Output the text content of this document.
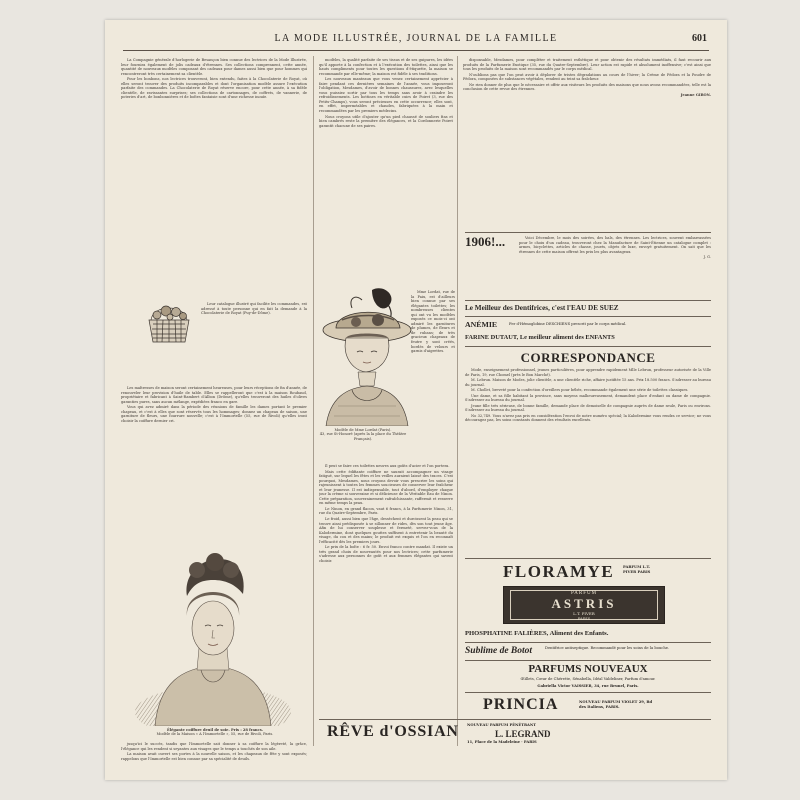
LA MODE ILLUSTRÉE, JOURNAL DE LA FAMILLE	601

La Compagnie générale d'horlogerie de Besançon bien connue des lectrices de la Mode Illustrée, leur fournira également de jolis cadeaux d'étrennes. Ses collections comprennent, cette année, quantité de nouveaux modèles composant des cadeaux pour dames aussi bien que pour hommes qui rencontreront très certainement sa clientèle.

Pour les bonbons, nos lectrices trouveront, bien entendu, faites à la Chocolaterie de Royat, où elles seront trouver des produits incomparables et dont l'organisation modèle assure l'exécution parfaite des commandes. La Chocolaterie de Royat réserve encore, pour cette année, à sa fidèle clientèle, de ravissantes surprises; ses collections de cartonnages, de coffrets, de vannerie, de poteries d'art, de bonbonnières et de boîtes fantaisie sont d'une richesse inouïe.

Leur catalogue illustré qui facilite les commandes, est adressé à toute personne qui en fait la demande à la Chocolaterie de Royat (Puy-de-Dôme).

Les maîtresses de maison seront certainement heureuses, pour leurs réceptions de fin d'année, de renouveler leur provision d'huile de table. Elles se rappelleront que c'est à la maison Roubaud, propriétaire et fabricant à Saint-Rambert d'Albon (Drôme), qu'elles trouveront des huiles d'olives garanties pures, sans aucun mélange, expédiées franco en gare.

Vous qui avez admiré dans la période des réunions de famille les dames portant le premier chapeau, et c'est à elles que sont réservés tous les hommages; donnez un chapeau de saison, une garniture de fleurs, une fourrure nouvelle; c'est à l'Immortelle (55, rue de Rivoli) qu'elles iront choisir la coiffure dernier cri.

Élégante coiffure deuil de soie. Prix : 28 francs.
Modèle de la Maison « A l'Immortelle », 55, rue de Rivoli, Paris.

jusqu'ici le succès, tandis que l'Immortelle sait donner à sa coiffure la légèreté, la grâce, l'élégance qui les rendent si seyantes aux visages que le temps a touchés de son aile.

La maison avait ouvert ses portes à la nouvelle saison, et les chapeaux de fête y sont exposés; rappelons que l'Immortelle est bien connue par sa spécialité de deuils.

modèles, la qualité parfaite de ses tissus et de ses guipures, les idées qu'il apporte à la confection et à l'exécution des toilettes, ainsi que les hauts compliments pour toutes les questions d'étiquette, la maison se recommande par elle-même; la maison est fidèle à ses traditions.

Les nouveaux manteaux que vous venez certainement apprécier à faire pendant ces dernières semaines de l'année, vous imposeront l'obligation, Mesdames, d'avoir de bonnes chaussures, avec lesquelles vous puissiez sortir par tous les temps sans avoir à craindre les refroidissements. Les bottines en véritable cuirs de Poiret (3, rue des Petits-Champs), vous seront précieuses en cette occurrence; elles sont, en effet, imperméables et chaudes, fabriquées à la main et recommandées par les premiers médecins.

Nous croyons utile d'ajouter qu'un pied chaussé de souliers fins et bien cambrés reste la première des élégances, et la Cordonnerie Poiret garantit chacune de ses paires.

Mme Lordat, rue de la Paix, est d'ailleurs bien connue par ses élégantes toilettes; les nombreuses clientes qui ont vu les modèles exposés ce mois-ci ont admiré les garnitures de plumes, de fleurs et de rubans; de très gracieux chapeaux de feutre y sont créés, bordés de velours et garnis d'aigrettes.

Modèle de Mme Lordat (Paris).
43, rue St-Honoré (après la la place du Théâtre Français).

Il peut se faire ces toilettes neuves aux goûts d'acier et l'on portera.

Mais cette édifiante coiffure ne saurait accompagner un visage fatigué, sur lequel les fêtes et les veilles auraient laissé des traces. C'est pourquoi, Mesdames, nous croyons devoir vous prescrire les soins qui rajeunissent à toutes les femmes soucieuses de conserver leur fraîcheur et leur jeunesse. Il est indispensable, tout d'abord, d'employer chaque jour la crème si souveraine et si délicieuse de la Véritable Eau de Ninon. Cette préparation, souverainement rafraîchissante, raffermit et resserre en même temps la peau.

Le Ninon, en grand flacon, vaut 6 francs, à la Parfumerie Ninon, 31, rue du Quatre-Septembre, Paris.

Le froid, aussi bien que l'âge, dessèchent et durcissent la peau qui se trouve ainsi prédisposée à se sillonner de rides, dès son tout jeune âge. Afin de lui conserver souplesse et fermeté, servez-vous de la Kalodermine, dont quelques gouttes suffisent à entretenir la beauté du visage, du cou et des mains; le produit est exquis et l'on en reconnaît l'efficacité dès les premiers jours.

Le prix de la boîte : 6 fr. 50. Envoi franco contre mandat. Il existe un très grand choix de nouveautés pour nos lectrices; cette parfumerie s'adresse aux personnes de goût et aux femmes élégantes qui savent choisir.

disponsable, Mesdames, pour compléter et traitement esthétique et pour obtenir des résultats immédiats, il faut recourir aux produits de la Parfumerie Exotique (35, rue du Quatre-Septembre). Leur action est rapide et absolument inoffensive; c'est ainsi que tous les produits de la maison sont recommandés par le corps médical.

N'oublions pas que l'on peut avoir à déplorer de tristes dégradations au cours de l'hiver; la Crème de Fédora et la Poudre de Fédora, composées de substances végétales, rendent au teint sa fraîcheur.

Ne rien donner de plus que le nécessaire et offrir aux visiteurs les produits des maisons que nous avons recommandées, telle est la conclusion de cette revue des étrennes.

Jeanne GIRON.
1906!...	Voici Décembre, le mois des soirées, des bals, des étrennes. Les lectrices, souvent embarrassées pour le choix d'un cadeau, trouveront chez la Manufacture de Saint-Étienne un catalogue complet : armes, bicyclettes, articles de chasse, jouets, objets de luxe, envoyé gratuitement. On sait que les étrennes de cette maison offrent les prix les plus avantageux.

J. G.
Le Meilleur des Dentifrices, c'est l'EAU DE SUEZ
ANÉMIE	Fer d'Hémoglobine DESCHIENS prescrit par le corps médical.
FARINE DUTAUT, Le meilleur aliment des ENFANTS
CORRESPONDANCE

Mode, enseignement professionnel, jeunes particulières, pour apprendre rapidement Mlle Lebrun, professeur autorisée de la Ville de Paris, 19, rue Chomel (près le Bon Marché).

M. Lebrun. Maison de Modes, jolie clientèle, a une clientèle riche, affaire justifiée 15 ans. Prix 18.500 francs. S'adresser au bureau du journal.

M. Chollet, breveté pour la confection d'oreillers pour bébés, recommande également une série de toilettes classiques.

Une dame, et sa fille habitant la province, sans moyens malheureusement, demandent place d'enfant ou dame de compagnie. S'adresser au bureau du journal.

Jeune fille très sérieuse, de bonne famille, demande place de demoiselle de compagnie auprès de dame seule, Paris ou environs. S'adresser au bureau du journal.

No 32,749. Vous n'avez pas pris en considération l'envoi de notre numéro spécial; la Kalodermine vous rendra ce service; ne vous découragez pas, les soins constants donnent des résultats excellents.

FLORAMYE PARFUM L.T. PIVER PARIS
PARFUM
ASTRIS
L.T. PIVER
PARIS
PHOSPHATINE FALIÈRES, Aliment des Enfants.
Sublime de Botot	Dentifrice antiseptique. Recommandé pour les soins de la bouche.
PARFUMS NOUVEAUX
Œillets, Cœur de Chérette, Sénabella, Idéal Valdeliner, Parfum d'amour.
Gabriella Victor VAISSIER, 34, rue Brunel, Paris.
PRINCIA	NOUVEAU PARFUM VIOLET 29, Bd des Italiens, PARIS.
RÊVE d'OSSIAN NOUVEAU PARFUM PÉNÉTRANT
L. LEGRAND
11, Place de la Madeleine · PARIS
